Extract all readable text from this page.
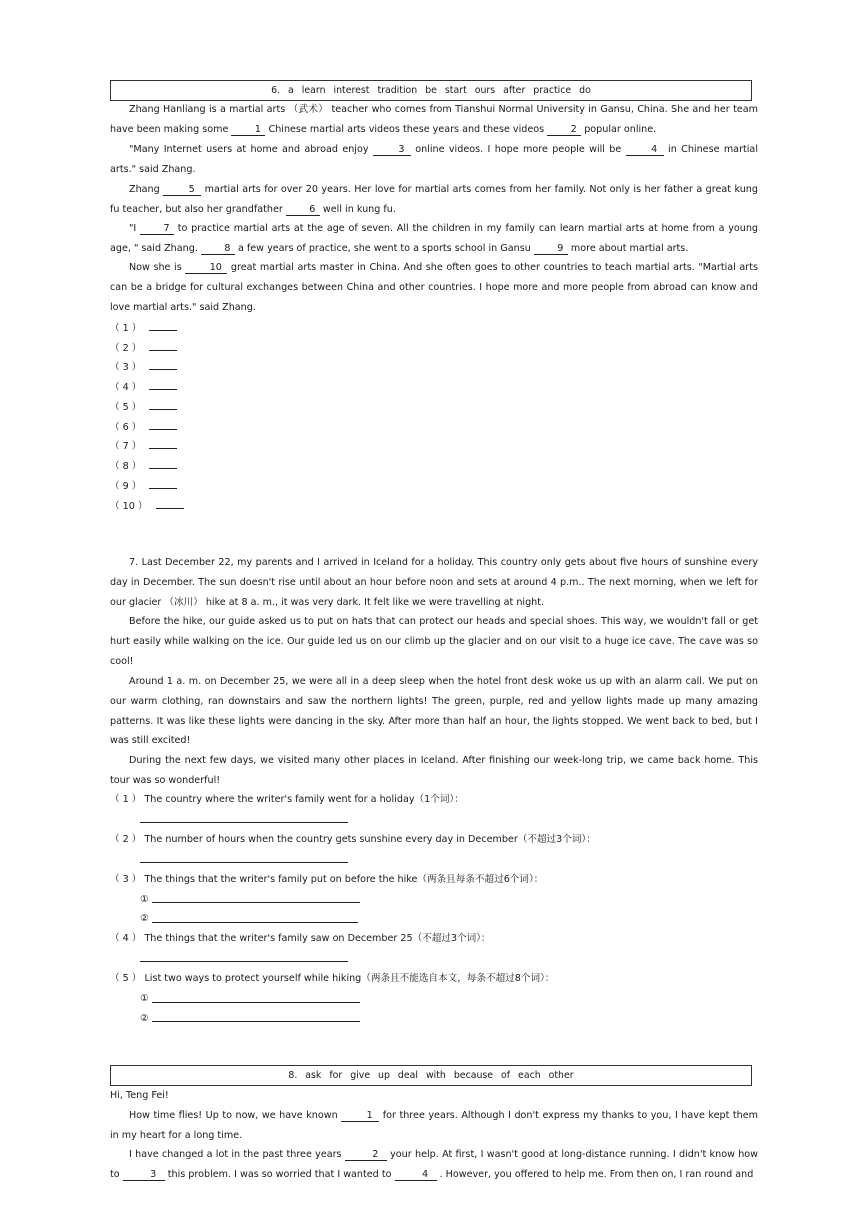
6. a learn interest tradition be start ours after practice do
Zhang Hanliang is a martial arts （武术） teacher who comes from Tianshui Normal University in Gansu, China. She and her team have been making some 1 Chinese martial arts videos these years and these videos 2 popular online.
"Many Internet users at home and abroad enjoy	3 online videos. I hope more people will be	4 in Chinese martial arts." said Zhang.
Zhang	5 martial arts for over 20 years. Her love for martial arts comes from her family. Not only is her father a great kung fu teacher, but also her grandfather 6 well in kung fu.
"I 7 to practice martial arts at the age of seven. All the children in my family can learn martial arts at home from a young age, " said Zhang. 8 a few years of practice, she went to a sports school in Gansu 9 more about martial arts.
Now she is	10 great martial arts master in China. And she often goes to other countries to teach martial arts. "Martial arts can be a bridge for cultural exchanges between China and other countries. I hope more and more people from abroad can know and love martial arts." said Zhang.
（ 1 ）
（ 2 ）
（ 3 ）
（ 4 ）
（ 5 ）
（ 6 ）
（ 7 ）
（ 8 ）
（ 9 ）
（ 10 ）
7. Last December 22, my parents and I arrived in Iceland for a holiday. This country only gets about five hours of sunshine every day in December. The sun doesn't rise until about an hour before noon and sets at around 4 p.m.. The next morning, when we left for our glacier （冰川） hike at 8 a. m., it was very dark. It felt like we were travelling at night.
Before the hike, our guide asked us to put on hats that can protect our heads and special shoes. This way, we wouldn't fall or get hurt easily while walking on the ice. Our guide led us on our climb up the glacier and on our visit to a huge ice cave. The cave was so cool!
Around 1 a. m. on December 25, we were all in a deep sleep when the hotel front desk woke us up with an alarm call. We put on our warm clothing, ran downstairs and saw the northern lights! The green, purple, red and yellow lights made up many amazing patterns. It was like these lights were dancing in the sky. After more than half an hour, the lights stopped. We went back to bed, but I was still excited!
During the next few days, we visited many other places in Iceland. After finishing our week-long trip, we came back home. This tour was so wonderful!
（ 1 ） The country where the writer's family went for a holiday（1个词）：
（ 2 ） The number of hours when the country gets sunshine every day in December（不超过3个词）：
（ 3 ） The things that the writer's family put on before the hike（两条且每条不超过6个词）：
①
②
（ 4 ） The things that the writer's family saw on December 25（不超过3个词）：
（ 5 ） List two ways to protect yourself while hiking（两条且不能选自本文，每条不超过8个词）：
①
②
8. ask for give up deal with because of each other
Hi, Teng Fei!
How time flies! Up to now, we have known	1 for three years. Although I don't express my thanks to you, I have kept them in my heart for a long time.
I have changed a lot in the past three years	2 your help. At first, I wasn't good at long-distance running. I didn't know how to	3 this problem. I was so worried that I wanted to	4 . However, you offered to help me. From then on, I ran round and
